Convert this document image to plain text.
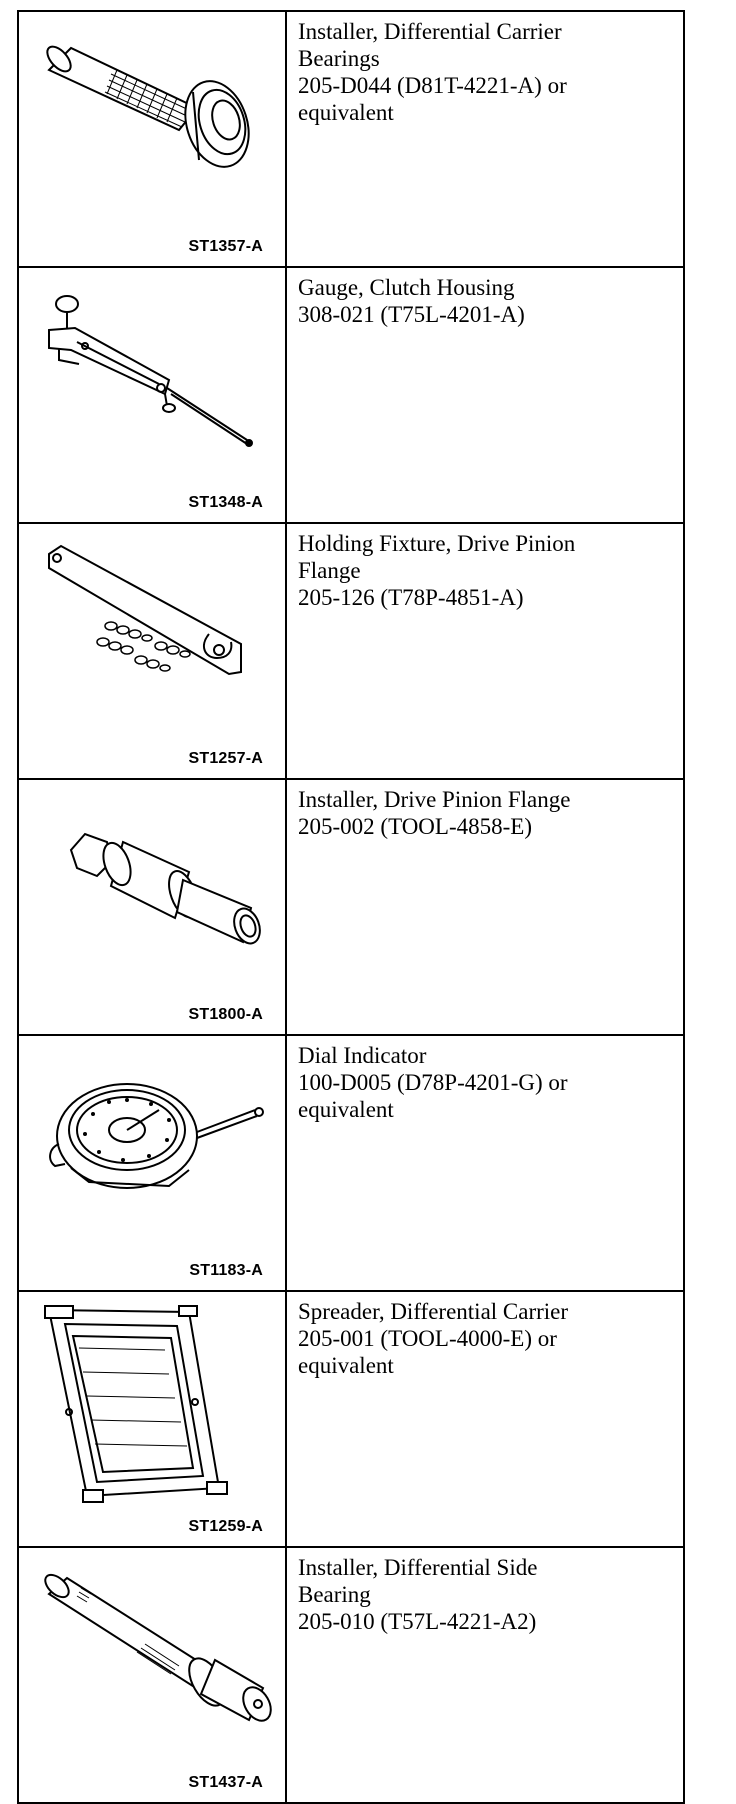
ST1357-A	Installer, Differential Carrier
Bearings
205-D044 (D81T-4221-A) or
equivalent

ST1348-A	Gauge, Clutch Housing
308-021 (T75L-4201-A)

ST1257-A	Holding Fixture, Drive Pinion
Flange
205-126 (T78P-4851-A)

ST1800-A	Installer, Drive Pinion Flange
205-002 (TOOL-4858-E)

ST1183-A	Dial Indicator
100-D005 (D78P-4201-G) or
equivalent

ST1259-A	Spreader, Differential Carrier
205-001 (TOOL-4000-E) or
equivalent

ST1437-A	Installer, Differential Side
Bearing
205-010 (T57L-4221-A2)
